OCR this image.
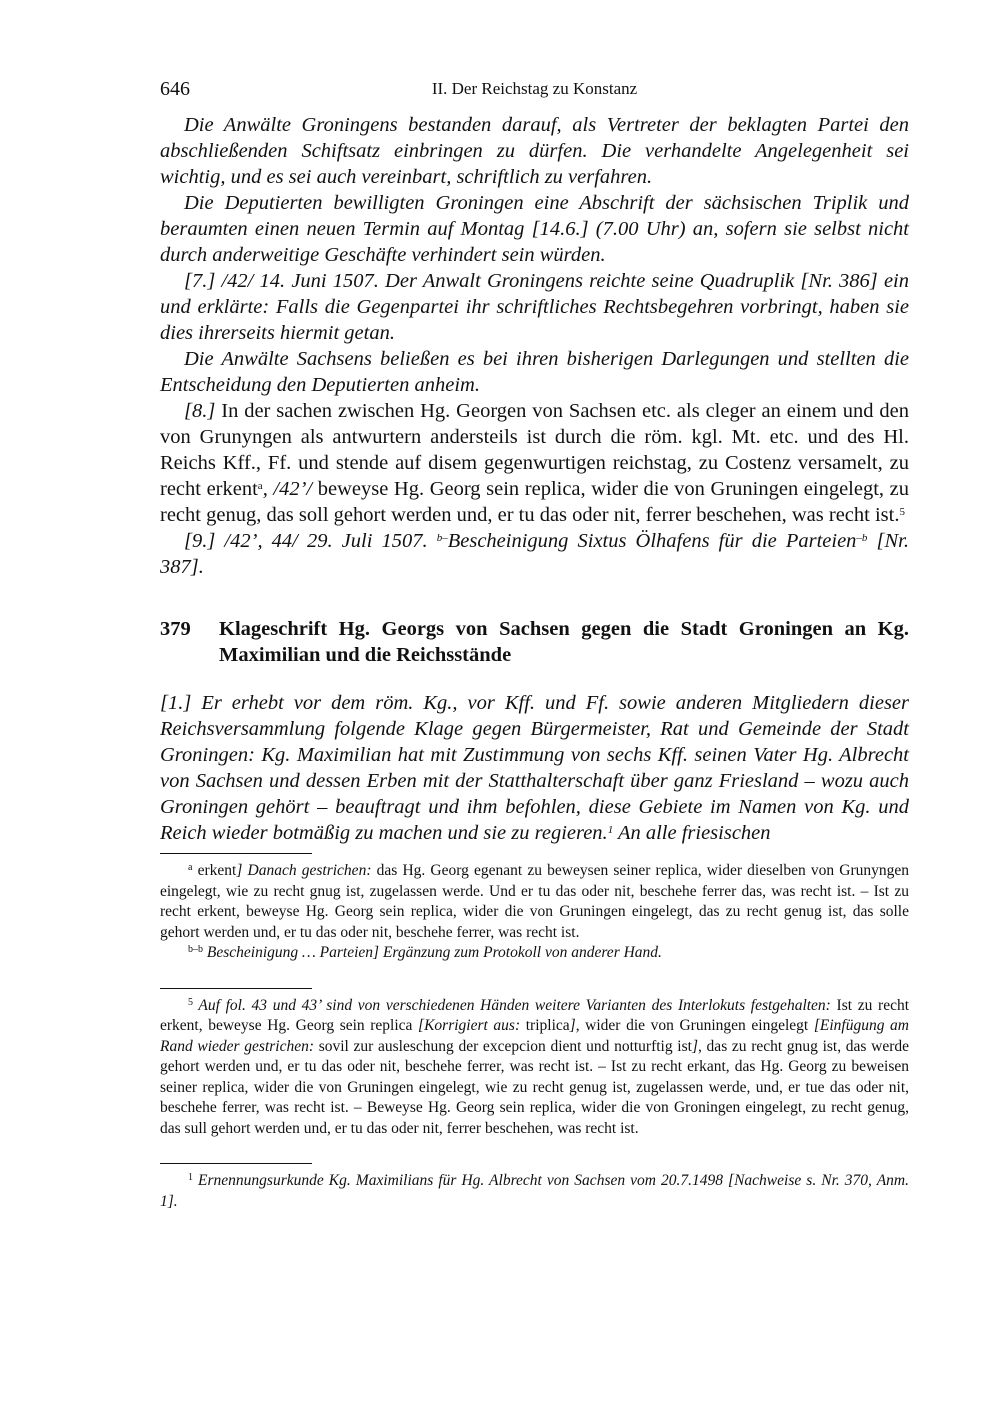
646	II. Der Reichstag zu Konstanz

Die Anwälte Groningens bestanden darauf, als Vertreter der beklagten Partei den abschließenden Schiftsatz einbringen zu dürfen. Die verhandelte Angelegenheit sei wichtig, und es sei auch vereinbart, schriftlich zu verfahren.

Die Deputierten bewilligten Groningen eine Abschrift der sächsischen Triplik und beraumten einen neuen Termin auf Montag [14.6.] (7.00 Uhr) an, sofern sie selbst nicht durch anderweitige Geschäfte verhindert sein würden.

[7.] /42/ 14. Juni 1507. Der Anwalt Groningens reichte seine Quadruplik [Nr. 386] ein und erklärte: Falls die Gegenpartei ihr schriftliches Rechtsbegehren vorbringt, haben sie dies ihrerseits hiermit getan.

Die Anwälte Sachsens beließen es bei ihren bisherigen Darlegungen und stellten die Entscheidung den Deputierten anheim.

[8.] In der sachen zwischen Hg. Georgen von Sachsen etc. als cleger an einem und den von Grunyngen als antwurtern andersteils ist durch die röm. kgl. Mt. etc. und des Hl. Reichs Kff., Ff. und stende auf disem gegenwurtigen reichstag, zu Costenz versamelt, zu recht erkent$^a$, /42’/ beweyse Hg. Georg sein replica, wider die von Gruningen eingelegt, zu recht genug, das soll gehort werden und, er tu das oder nit, ferrer beschehen, was recht ist.$^5$

[9.] /42’, 44/ 29. Juli 1507. $^{b-}$Bescheinigung Sixtus Ölhafens für die Parteien$^{-b}$ [Nr. 387].

379	Klageschrift Hg. Georgs von Sachsen gegen die Stadt Groningen an Kg. Maximilian und die Reichsstände

[1.] Er erhebt vor dem röm. Kg., vor Kff. und Ff. sowie anderen Mitgliedern dieser Reichsversammlung folgende Klage gegen Bürgermeister, Rat und Gemeinde der Stadt Groningen: Kg. Maximilian hat mit Zustimmung von sechs Kff. seinen Vater Hg. Albrecht von Sachsen und dessen Erben mit der Statthalterschaft über ganz Friesland – wozu auch Groningen gehört – beauftragt und ihm befohlen, diese Gebiete im Namen von Kg. und Reich wieder botmäßig zu machen und sie zu regieren.$^1$ An alle friesischen

$^a$ erkent] Danach gestrichen: das Hg. Georg egenant zu beweysen seiner replica, wider dieselben von Grunyngen eingelegt, wie zu recht gnug ist, zugelassen werde. Und er tu das oder nit, beschehe ferrer das, was recht ist. – Ist zu recht erkent, beweyse Hg. Georg sein replica, wider die von Gruningen eingelegt, das zu recht genug ist, das solle gehort werden und, er tu das oder nit, beschehe ferrer, was recht ist.

$^{b-b}$ Bescheinigung … Parteien] Ergänzung zum Protokoll von anderer Hand.

$^5$ Auf fol. 43 und 43’ sind von verschiedenen Händen weitere Varianten des Interlokuts festgehalten: Ist zu recht erkent, beweyse Hg. Georg sein replica [Korrigiert aus: triplica], wider die von Gruningen eingelegt [Einfügung am Rand wieder gestrichen: sovil zur ausleschung der excepcion dient und notturftig ist], das zu recht gnug ist, das werde gehort werden und, er tu das oder nit, beschehe ferrer, was recht ist. – Ist zu recht erkant, das Hg. Georg zu beweisen seiner replica, wider die von Gruningen eingelegt, wie zu recht genug ist, zugelassen werde, und, er tue das oder nit, beschehe ferrer, was recht ist. – Beweyse Hg. Georg sein replica, wider die von Groningen eingelegt, zu recht genug, das sull gehort werden und, er tu das oder nit, ferrer beschehen, was recht ist.

$^1$ Ernennungsurkunde Kg. Maximilians für Hg. Albrecht von Sachsen vom 20.7.1498 [Nachweise s. Nr. 370, Anm. 1].
